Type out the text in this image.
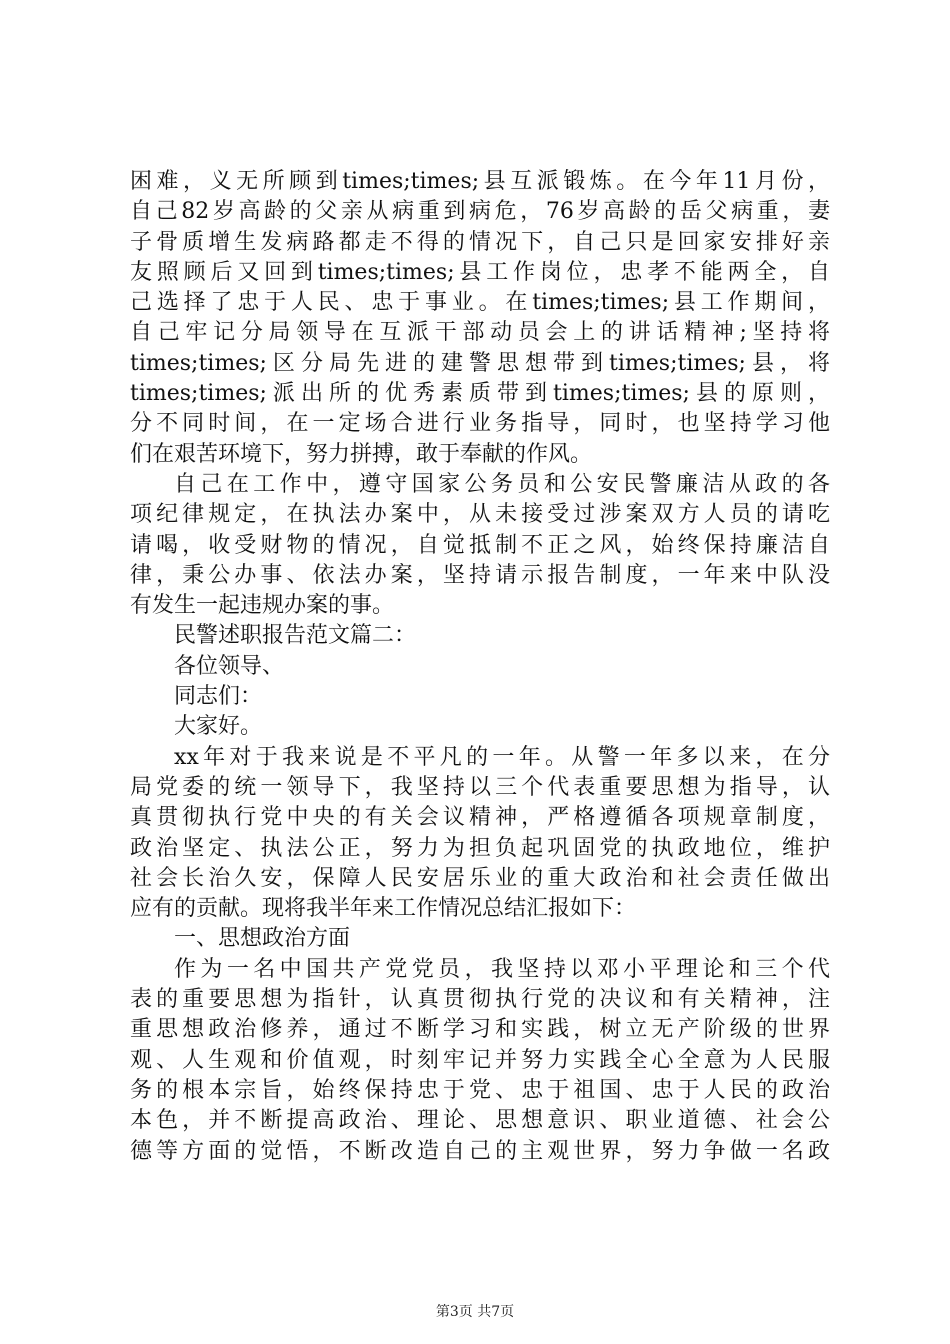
困难，义无所顾到times;times;县互派锻炼。在今年11月份，
自己82岁高龄的父亲从病重到病危，76岁高龄的岳父病重，妻
子骨质增生发病路都走不得的情况下，自己只是回家安排好亲
友照顾后又回到times;times;县工作岗位，忠孝不能两全，自
己选择了忠于人民、忠于事业。在times;times;县工作期间，
自己牢记分局领导在互派干部动员会上的讲话精神;坚持将
times;times;区分局先进的建警思想带到times;times;县，将
times;times;派出所的优秀素质带到times;times;县的原则，
分不同时间，在一定场合进行业务指导，同时，也坚持学习他
们在艰苦环境下，努力拼搏，敢于奉献的作风。
自己在工作中，遵守国家公务员和公安民警廉洁从政的各
项纪律规定，在执法办案中，从未接受过涉案双方人员的请吃
请喝，收受财物的情况，自觉抵制不正之风，始终保持廉洁自
律，秉公办事、依法办案，坚持请示报告制度，一年来中队没
有发生一起违规办案的事。
民警述职报告范文篇二：
各位领导、
同志们：
大家好。
xx年对于我来说是不平凡的一年。从警一年多以来，在分
局党委的统一领导下，我坚持以三个代表重要思想为指导，认
真贯彻执行党中央的有关会议精神，严格遵循各项规章制度，
政治坚定、执法公正，努力为担负起巩固党的执政地位，维护
社会长治久安，保障人民安居乐业的重大政治和社会责任做出
应有的贡献。现将我半年来工作情况总结汇报如下：
一、思想政治方面
作为一名中国共产党党员，我坚持以邓小平理论和三个代
表的重要思想为指针，认真贯彻执行党的决议和有关精神，注
重思想政治修养，通过不断学习和实践，树立无产阶级的世界
观、人生观和价值观，时刻牢记并努力实践全心全意为人民服
务的根本宗旨，始终保持忠于党、忠于祖国、忠于人民的政治
本色，并不断提高政治、理论、思想意识、职业道德、社会公
德等方面的觉悟，不断改造自己的主观世界，努力争做一名政
第3页 共7页
